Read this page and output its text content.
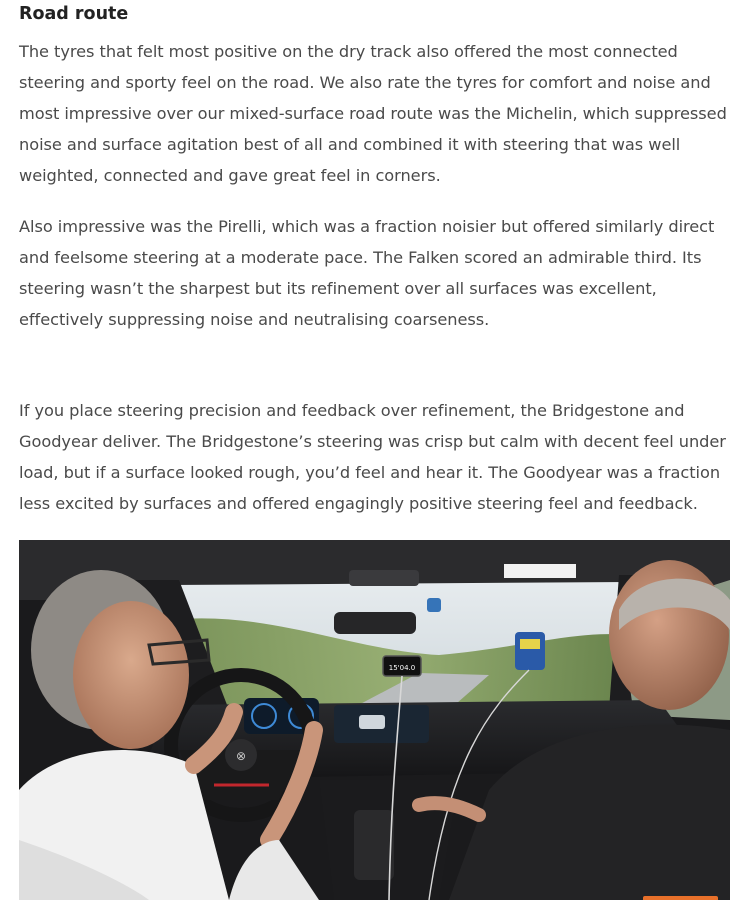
Road route

The tyres that felt most positive on the dry track also offered the most connected steering and sporty feel on the road. We also rate the tyres for comfort and noise and most impressive over our mixed-surface road route was the Michelin, which suppressed noise and surface agitation best of all and combined it with steering that was well weighted, connected and gave great feel in corners.

Also impressive was the Pirelli, which was a fraction noisier but offered similarly direct and feelsome steering at a moderate pace. The Falken scored an admirable third. Its steering wasn’t the sharpest but its refinement over all surfaces was excellent, effectively suppressing noise and neutralising coarseness.

If you place steering precision and feedback over refinement, the Bridgestone and Goodyear deliver. The Bridgestone’s steering was crisp but calm with decent feel under load, but if a surface looked rough, you’d feel and hear it. The Goodyear was a fraction less excited by surfaces and offered engagingly positive steering feel and feedback.

15'04.0
⊗
